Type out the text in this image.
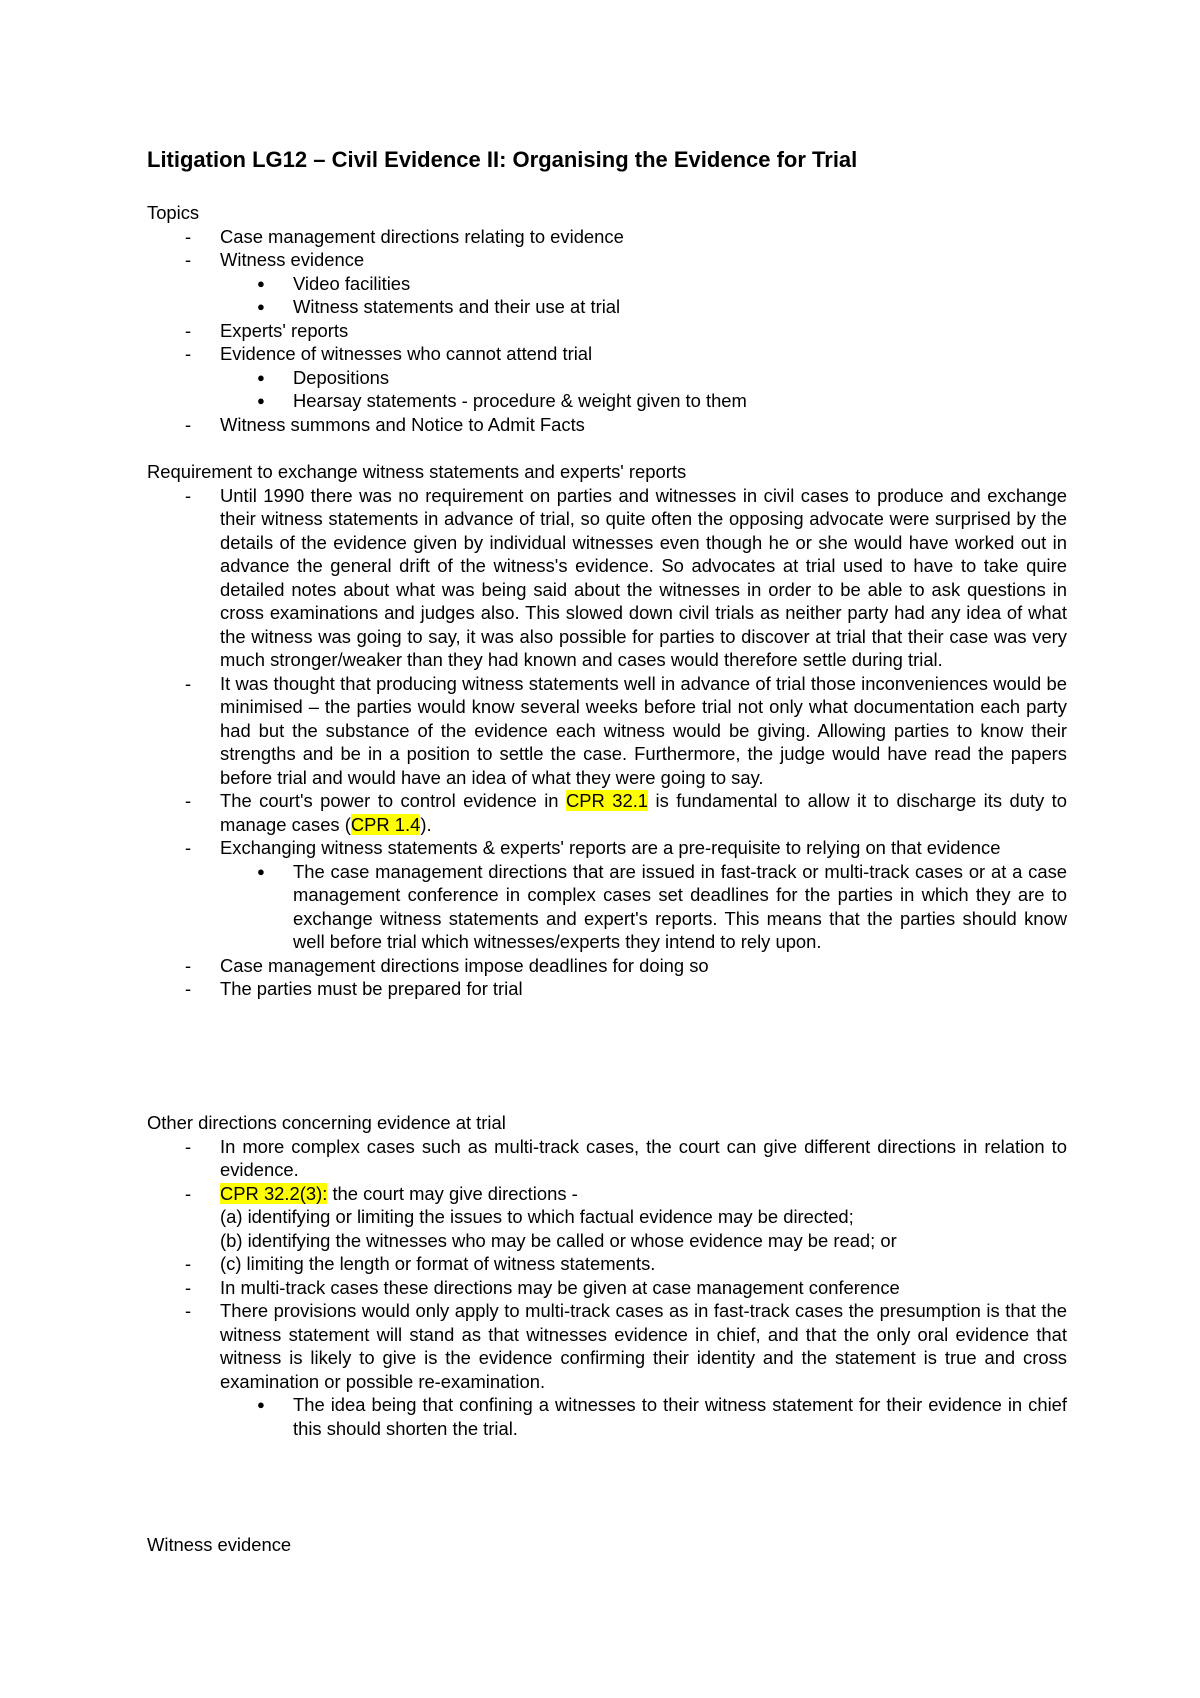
Litigation LG12 – Civil Evidence II: Organising the Evidence for Trial

Topics

- Case management directions relating to evidence

- Witness evidence

● Video facilities

● Witness statements and their use at trial

- Experts' reports

- Evidence of witnesses who cannot attend trial

● Depositions

● Hearsay statements - procedure & weight given to them

- Witness summons and Notice to Admit Facts

Requirement to exchange witness statements and experts' reports

- Until 1990 there was no requirement on parties and witnesses in civil cases to produce and exchange their witness statements in advance of trial, so quite often the opposing advocate were surprised by the details of the evidence given by individual witnesses even though he or she would have worked out in advance the general drift of the witness's evidence. So advocates at trial used to have to take quire detailed notes about what was being said about the witnesses in order to be able to ask questions in cross examinations and judges also. This slowed down civil trials as neither party had any idea of what the witness was going to say, it was also possible for parties to discover at trial that their case was very much stronger/weaker than they had known and cases would therefore settle during trial.

- It was thought that producing witness statements well in advance of trial those inconveniences would be minimised – the parties would know several weeks before trial not only what documentation each party had but the substance of the evidence each witness would be giving. Allowing parties to know their strengths and be in a position to settle the case. Furthermore, the judge would have read the papers before trial and would have an idea of what they were going to say.

- The court's power to control evidence in CPR 32.1 is fundamental to allow it to discharge its duty to manage cases (CPR 1.4).

- Exchanging witness statements & experts' reports are a pre-requisite to relying on that evidence

● The case management directions that are issued in fast-track or multi-track cases or at a case management conference in complex cases set deadlines for the parties in which they are to exchange witness statements and expert's reports. This means that the parties should know well before trial which witnesses/experts they intend to rely upon.

- Case management directions impose deadlines for doing so

- The parties must be prepared for trial

Other directions concerning evidence at trial

- In more complex cases such as multi-track cases, the court can give different directions in relation to evidence.

- CPR 32.2(3): the court may give directions -

(a) identifying or limiting the issues to which factual evidence may be directed;

(b) identifying the witnesses who may be called or whose evidence may be read; or

- (c) limiting the length or format of witness statements.

- In multi-track cases these directions may be given at case management conference

- There provisions would only apply to multi-track cases as in fast-track cases the presumption is that the witness statement will stand as that witnesses evidence in chief, and that the only oral evidence that witness is likely to give is the evidence confirming their identity and the statement is true and cross examination or possible re-examination.

● The idea being that confining a witnesses to their witness statement for their evidence in chief this should shorten the trial.

Witness evidence
